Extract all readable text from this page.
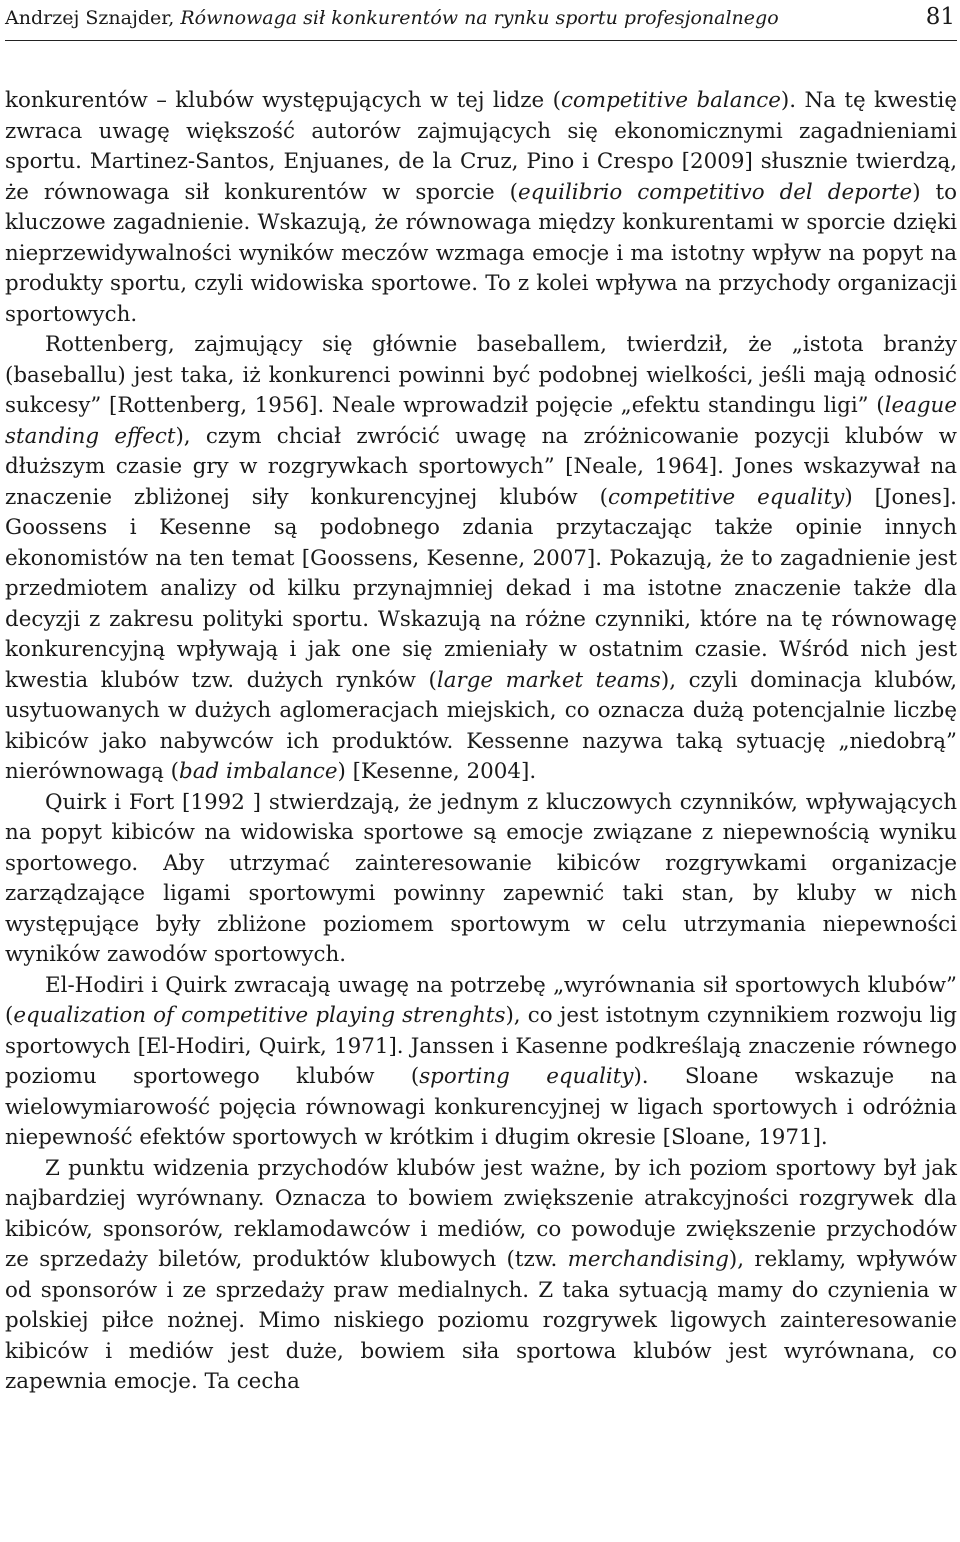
Andrzej Sznajder, Równowaga sił konkurentów na rynku sportu profesjonalnego	81

konkurentów – klubów występujących w tej lidze (competitive balance). Na tę kwestię zwraca uwagę większość autorów zajmujących się ekonomicznymi zagadnieniami sportu. Martinez-Santos, Enjuanes, de la Cruz, Pino i Crespo [2009] słusznie twierdzą, że równowaga sił konkurentów w sporcie (equilibrio competitivo del deporte) to kluczowe zagadnienie. Wskazują, że równowaga między konkurentami w sporcie dzięki nieprzewidywalności wyników meczów wzmaga emocje i ma istotny wpływ na popyt na produkty sportu, czyli widowiska sportowe. To z kolei wpływa na przychody organizacji sportowych.

Rottenberg, zajmujący się głównie baseballem, twierdził, że „istota branży (baseballu) jest taka, iż konkurenci powinni być podobnej wielkości, jeśli mają odnosić sukcesy” [Rottenberg, 1956]. Neale wprowadził pojęcie „efektu standingu ligi” (league standing effect), czym chciał zwrócić uwagę na zróżnicowanie pozycji klubów w dłuższym czasie gry w rozgrywkach sportowych” [Neale, 1964]. Jones wskazywał na znaczenie zbliżonej siły konkurencyjnej klubów (competitive equality) [Jones]. Goossens i Kesenne są podobnego zdania przytaczając także opinie innych ekonomistów na ten temat [Goossens, Kesenne, 2007]. Pokazują, że to zagadnienie jest przedmiotem analizy od kilku przynajmniej dekad i ma istotne znaczenie także dla decyzji z zakresu polityki sportu. Wskazują na różne czynniki, które na tę równowagę konkurencyjną wpływają i jak one się zmieniały w ostatnim czasie. Wśród nich jest kwestia klubów tzw. dużych rynków (large market teams), czyli dominacja klubów, usytuowanych w dużych aglomeracjach miejskich, co oznacza dużą potencjalnie liczbę kibiców jako nabywców ich produktów. Kessenne nazywa taką sytuację „niedobrą” nierównowagą (bad imbalance) [Kesenne, 2004].

Quirk i Fort [1992 ] stwierdzają, że jednym z kluczowych czynników, wpływających na popyt kibiców na widowiska sportowe są emocje związane z niepewnością wyniku sportowego. Aby utrzymać zainteresowanie kibiców rozgrywkami organizacje zarządzające ligami sportowymi powinny zapewnić taki stan, by kluby w nich występujące były zbliżone poziomem sportowym w celu utrzymania niepewności wyników zawodów sportowych.

El-Hodiri i Quirk zwracają uwagę na potrzebę „wyrównania sił sportowych klubów” (equalization of competitive playing strenghts), co jest istotnym czynnikiem rozwoju lig sportowych [El-Hodiri, Quirk, 1971]. Janssen i Kasenne podkreślają znaczenie równego poziomu sportowego klubów (sporting equality). Sloane wskazuje na wielowymiarowość pojęcia równowagi konkurencyjnej w ligach sportowych i odróżnia niepewność efektów sportowych w krótkim i długim okresie [Sloane, 1971].

Z punktu widzenia przychodów klubów jest ważne, by ich poziom sportowy był jak najbardziej wyrównany. Oznacza to bowiem zwiększenie atrakcyjności rozgrywek dla kibiców, sponsorów, reklamodawców i mediów, co powoduje zwiększenie przychodów ze sprzedaży biletów, produktów klubowych (tzw. merchandising), reklamy, wpływów od sponsorów i ze sprzedaży praw medialnych. Z taka sytuacją mamy do czynienia w polskiej piłce nożnej. Mimo niskiego poziomu rozgrywek ligowych zainteresowanie kibiców i mediów jest duże, bowiem siła sportowa klubów jest wyrównana, co zapewnia emocje. Ta cecha
